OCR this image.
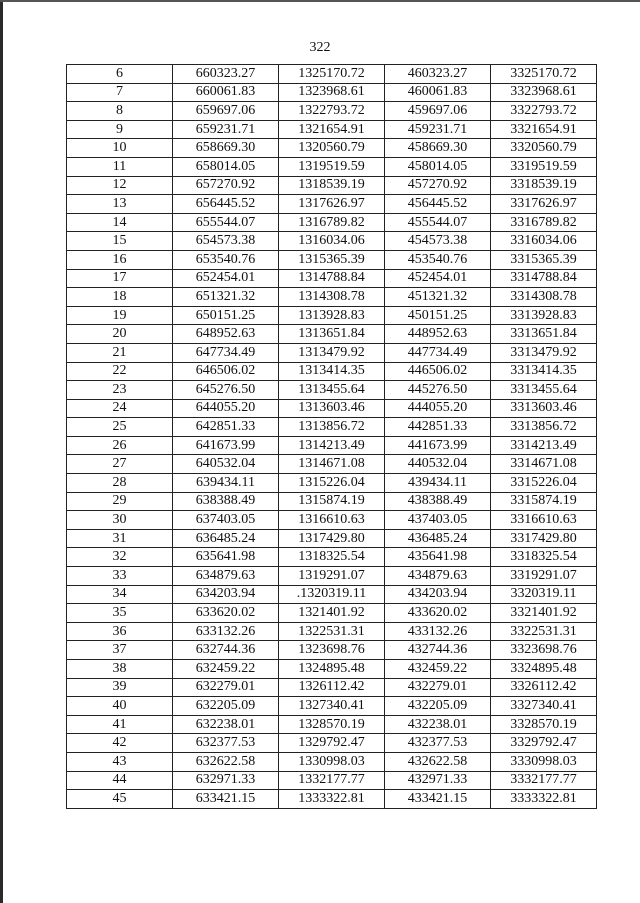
322
6	660323.27	1325170.72	460323.27	3325170.72
7	660061.83	1323968.61	460061.83	3323968.61
8	659697.06	1322793.72	459697.06	3322793.72
9	659231.71	1321654.91	459231.71	3321654.91
10	658669.30	1320560.79	458669.30	3320560.79
11	658014.05	1319519.59	458014.05	3319519.59
12	657270.92	1318539.19	457270.92	3318539.19
13	656445.52	1317626.97	456445.52	3317626.97
14	655544.07	1316789.82	455544.07	3316789.82
15	654573.38	1316034.06	454573.38	3316034.06
16	653540.76	1315365.39	453540.76	3315365.39
17	652454.01	1314788.84	452454.01	3314788.84
18	651321.32	1314308.78	451321.32	3314308.78
19	650151.25	1313928.83	450151.25	3313928.83
20	648952.63	1313651.84	448952.63	3313651.84
21	647734.49	1313479.92	447734.49	3313479.92
22	646506.02	1313414.35	446506.02	3313414.35
23	645276.50	1313455.64	445276.50	3313455.64
24	644055.20	1313603.46	444055.20	3313603.46
25	642851.33	1313856.72	442851.33	3313856.72
26	641673.99	1314213.49	441673.99	3314213.49
27	640532.04	1314671.08	440532.04	3314671.08
28	639434.11	1315226.04	439434.11	3315226.04
29	638388.49	1315874.19	438388.49	3315874.19
30	637403.05	1316610.63	437403.05	3316610.63
31	636485.24	1317429.80	436485.24	3317429.80
32	635641.98	1318325.54	435641.98	3318325.54
33	634879.63	1319291.07	434879.63	3319291.07
34	634203.94	.1320319.11	434203.94	3320319.11
35	633620.02	1321401.92	433620.02	3321401.92
36	633132.26	1322531.31	433132.26	3322531.31
37	632744.36	1323698.76	432744.36	3323698.76
38	632459.22	1324895.48	432459.22	3324895.48
39	632279.01	1326112.42	432279.01	3326112.42
40	632205.09	1327340.41	432205.09	3327340.41
41	632238.01	1328570.19	432238.01	3328570.19
42	632377.53	1329792.47	432377.53	3329792.47
43	632622.58	1330998.03	432622.58	3330998.03
44	632971.33	1332177.77	432971.33	3332177.77
45	633421.15	1333322.81	433421.15	3333322.81
